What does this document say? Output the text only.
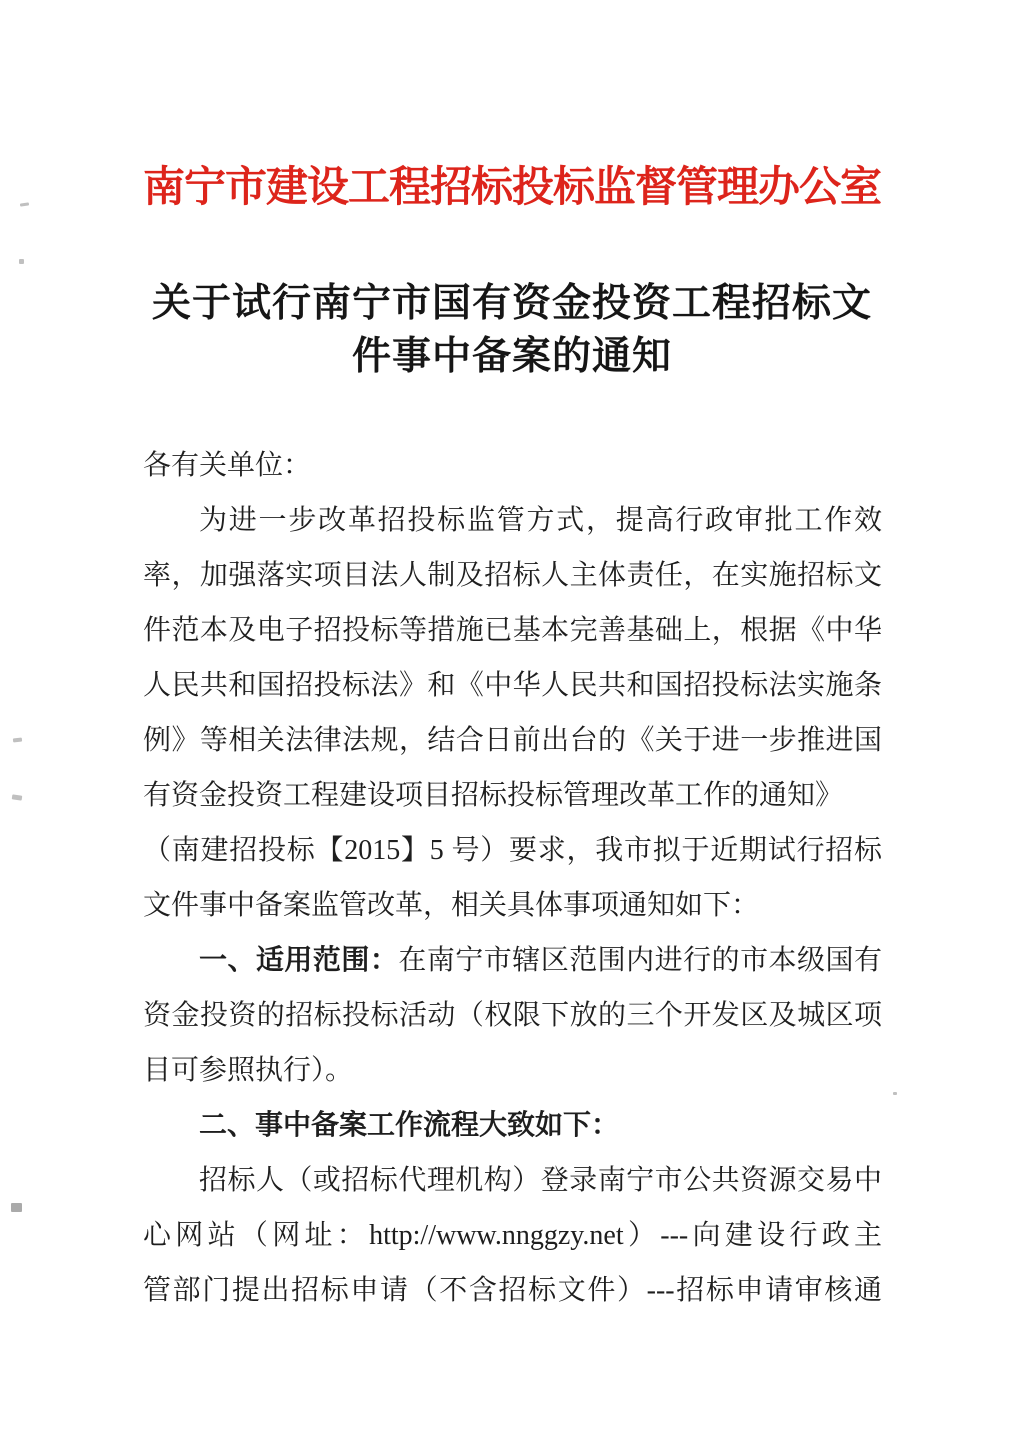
南宁市建设工程招标投标监督管理办公室
关于试行南宁市国有资金投资工程招标文
件事中备案的通知
各有关单位：
为进一步改革招投标监管方式，提高行政审批工作效
率，加强落实项目法人制及招标人主体责任，在实施招标文
件范本及电子招投标等措施已基本完善基础上，根据《中华
人民共和国招投标法》和《中华人民共和国招投标法实施条
例》等相关法律法规，结合日前出台的《关于进一步推进国
有资金投资工程建设项目招标投标管理改革工作的通知》
（南建招投标【2015】5 号）要求，我市拟于近期试行招标
文件事中备案监管改革，相关具体事项通知如下：
一、适用范围：在南宁市辖区范围内进行的市本级国有
资金投资的招标投标活动（权限下放的三个开发区及城区项
目可参照执行）。
二、事中备案工作流程大致如下：
招标人（或招标代理机构）登录南宁市公共资源交易中
心网站（网址：http://www.nnggzy.net）---向建设行政主
管部门提出招标申请（不含招标文件）---招标申请审核通
